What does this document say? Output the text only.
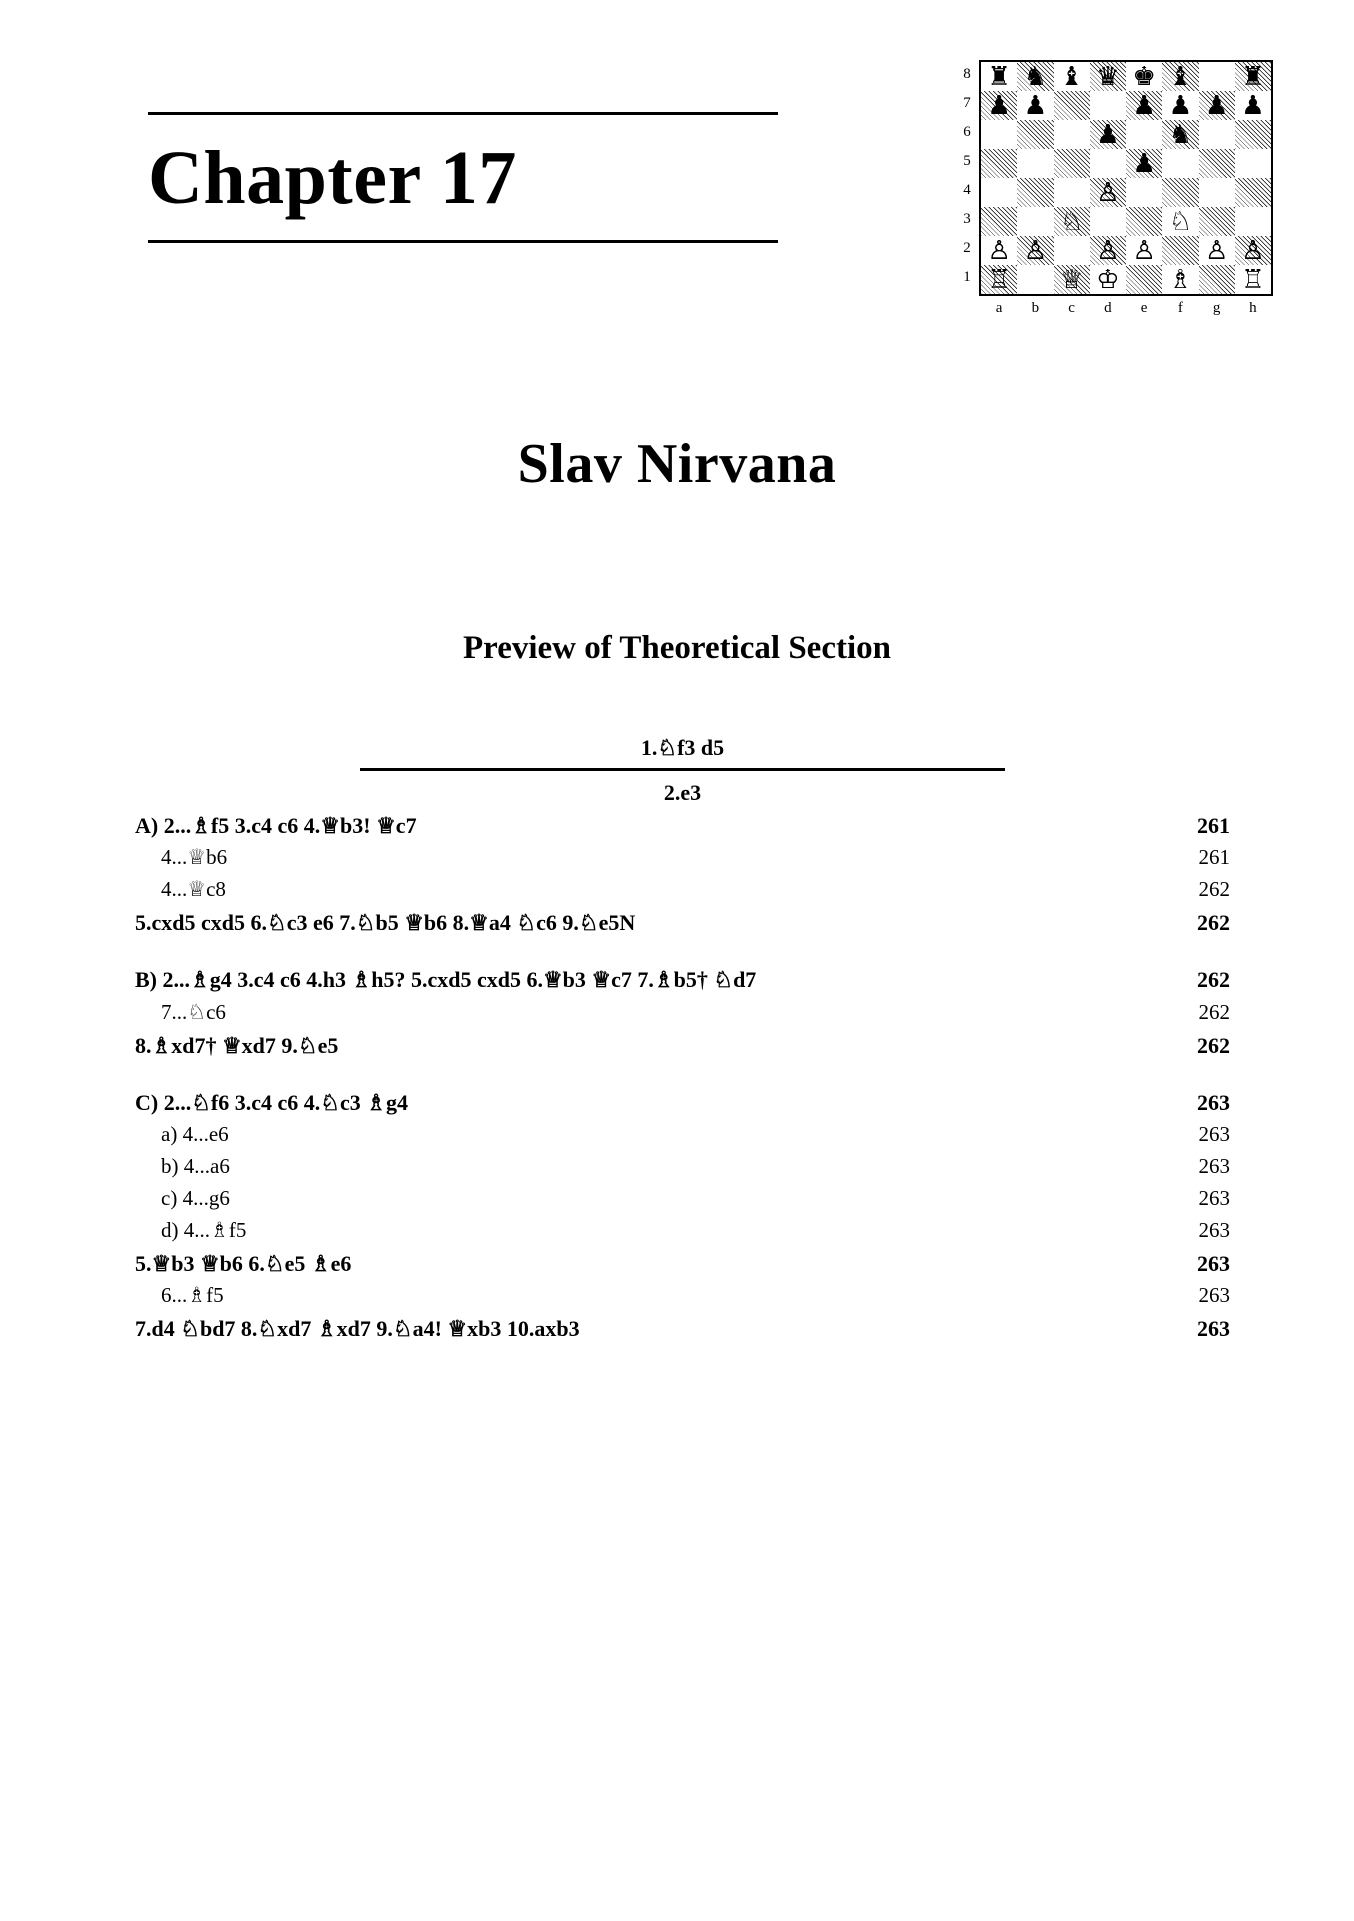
Chapter 17
8
7
6
5
4
3
2
1
♜ ♞ ♝ ♛ ♚ ♝ ♜
♟ ♟	♟ ♟ ♟ ♟
♟ ♞
♟
♙
♘	♘
♙ ♙ ♙ ♙ ♙ ♙
♖ ♕ ♔ ♗ ♖
a	b	c	d	e	f	g	h
Slav Nirvana
Preview of Theoretical Section
1.♘f3 d5
2.e3
A) 2...♗f5 3.c4 c6 4.♕b3! ♕c7	261
4...♕b6	261
4...♕c8	262
5.cxd5 cxd5 6.♘c3 e6 7.♘b5 ♕b6 8.♕a4 ♘c6 9.♘e5N	262
B) 2...♗g4 3.c4 c6 4.h3 ♗h5? 5.cxd5 cxd5 6.♕b3 ♕c7 7.♗b5† ♘d7	262
7...♘c6	262
8.♗xd7† ♕xd7 9.♘e5	262
C) 2...♘f6 3.c4 c6 4.♘c3 ♗g4	263
a) 4...e6	263
b) 4...a6	263
c) 4...g6	263
d) 4...♗f5	263
5.♕b3 ♕b6 6.♘e5 ♗e6	263
6...♗f5	263
7.d4 ♘bd7 8.♘xd7 ♗xd7 9.♘a4! ♕xb3 10.axb3	263
